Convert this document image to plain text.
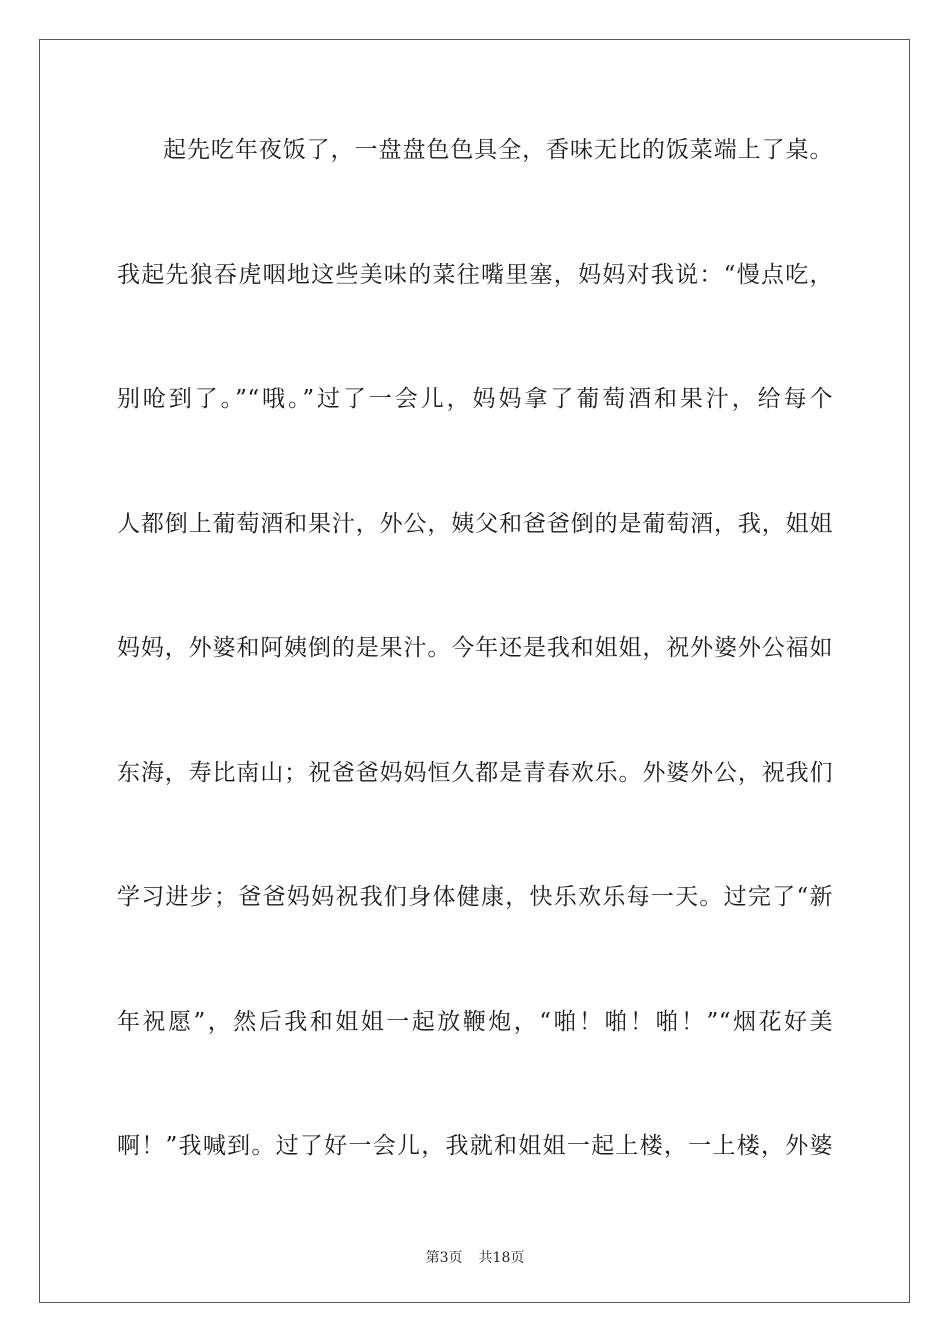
起先吃年夜饭了，一盘盘色色具全，香味无比的饭菜端上了桌。
我起先狼吞虎咽地这些美味的菜往嘴里塞，妈妈对我说：“慢点吃，
别呛到了。”“哦。”过了一会儿，妈妈拿了葡萄酒和果汁，给每个
人都倒上葡萄酒和果汁，外公，姨父和爸爸倒的是葡萄酒，我，姐姐
妈妈，外婆和阿姨倒的是果汁。今年还是我和姐姐，祝外婆外公福如
东海，寿比南山；祝爸爸妈妈恒久都是青春欢乐。外婆外公，祝我们
学习进步；爸爸妈妈祝我们身体健康，快乐欢乐每一天。过完了“新
年祝愿”，然后我和姐姐一起放鞭炮，“啪！啪！啪！”“烟花好美
啊！”我喊到。过了好一会儿，我就和姐姐一起上楼，一上楼，外婆
第3页 共18页
